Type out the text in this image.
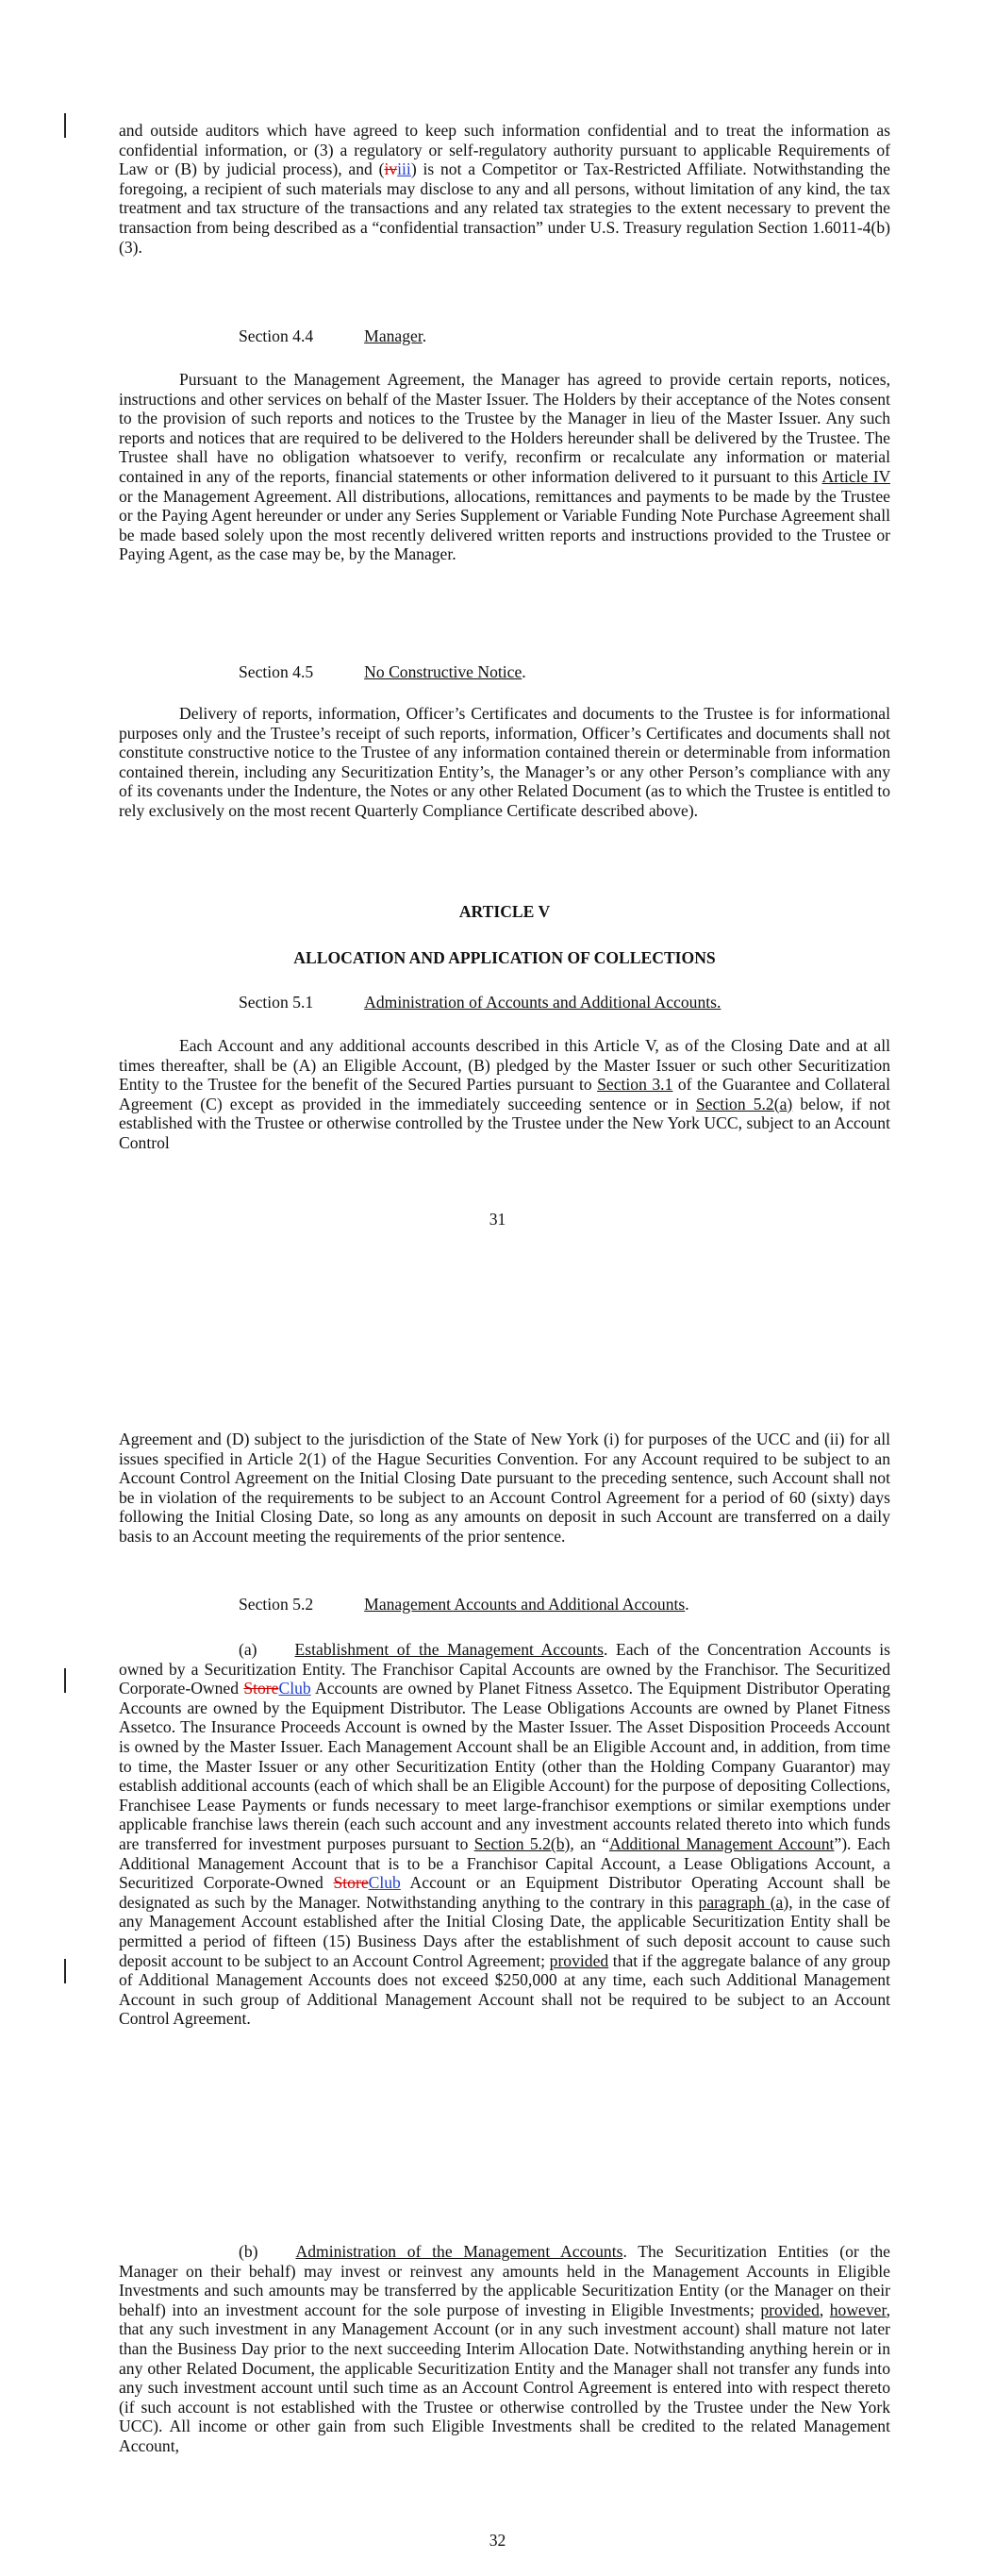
and outside auditors which have agreed to keep such information confidential and to treat the information as confidential information, or (3) a regulatory or self-regulatory authority pursuant to applicable Requirements of Law or (B) by judicial process), and (iviii) is not a Competitor or Tax-Restricted Affiliate. Notwithstanding the foregoing, a recipient of such materials may disclose to any and all persons, without limitation of any kind, the tax treatment and tax structure of the transactions and any related tax strategies to the extent necessary to prevent the transaction from being described as a “confidential transaction” under U.S. Treasury regulation Section 1.6011-4(b)(3).
Section 4.4	Manager.
Pursuant to the Management Agreement, the Manager has agreed to provide certain reports, notices, instructions and other services on behalf of the Master Issuer. The Holders by their acceptance of the Notes consent to the provision of such reports and notices to the Trustee by the Manager in lieu of the Master Issuer. Any such reports and notices that are required to be delivered to the Holders hereunder shall be delivered by the Trustee. The Trustee shall have no obligation whatsoever to verify, reconfirm or recalculate any information or material contained in any of the reports, financial statements or other information delivered to it pursuant to this Article IV or the Management Agreement. All distributions, allocations, remittances and payments to be made by the Trustee or the Paying Agent hereunder or under any Series Supplement or Variable Funding Note Purchase Agreement shall be made based solely upon the most recently delivered written reports and instructions provided to the Trustee or Paying Agent, as the case may be, by the Manager.
Section 4.5	No Constructive Notice.
Delivery of reports, information, Officer’s Certificates and documents to the Trustee is for informational purposes only and the Trustee’s receipt of such reports, information, Officer’s Certificates and documents shall not constitute constructive notice to the Trustee of any information contained therein or determinable from information contained therein, including any Securitization Entity’s, the Manager’s or any other Person’s compliance with any of its covenants under the Indenture, the Notes or any other Related Document (as to which the Trustee is entitled to rely exclusively on the most recent Quarterly Compliance Certificate described above).
ARTICLE V
ALLOCATION AND APPLICATION OF COLLECTIONS
Section 5.1	Administration of Accounts and Additional Accounts.
Each Account and any additional accounts described in this Article V, as of the Closing Date and at all times thereafter, shall be (A) an Eligible Account, (B) pledged by the Master Issuer or such other Securitization Entity to the Trustee for the benefit of the Secured Parties pursuant to Section 3.1 of the Guarantee and Collateral Agreement (C) except as provided in the immediately succeeding sentence or in Section 5.2(a) below, if not established with the Trustee or otherwise controlled by the Trustee under the New York UCC, subject to an Account Control
31
Agreement and (D) subject to the jurisdiction of the State of New York (i) for purposes of the UCC and (ii) for all issues specified in Article 2(1) of the Hague Securities Convention. For any Account required to be subject to an Account Control Agreement on the Initial Closing Date pursuant to the preceding sentence, such Account shall not be in violation of the requirements to be subject to an Account Control Agreement for a period of 60 (sixty) days following the Initial Closing Date, so long as any amounts on deposit in such Account are transferred on a daily basis to an Account meeting the requirements of the prior sentence.
Section 5.2	Management Accounts and Additional Accounts.
(a) Establishment of the Management Accounts. Each of the Concentration Accounts is owned by a Securitization Entity. The Franchisor Capital Accounts are owned by the Franchisor. The Securitized Corporate-Owned StoreClub Accounts are owned by Planet Fitness Assetco. The Equipment Distributor Operating Accounts are owned by the Equipment Distributor. The Lease Obligations Accounts are owned by Planet Fitness Assetco. The Insurance Proceeds Account is owned by the Master Issuer. The Asset Disposition Proceeds Account is owned by the Master Issuer. Each Management Account shall be an Eligible Account and, in addition, from time to time, the Master Issuer or any other Securitization Entity (other than the Holding Company Guarantor) may establish additional accounts (each of which shall be an Eligible Account) for the purpose of depositing Collections, Franchisee Lease Payments or funds necessary to meet large-franchisor exemptions or similar exemptions under applicable franchise laws therein (each such account and any investment accounts related thereto into which funds are transferred for investment purposes pursuant to Section 5.2(b), an “Additional Management Account”). Each Additional Management Account that is to be a Franchisor Capital Account, a Lease Obligations Account, a Securitized Corporate-Owned StoreClub Account or an Equipment Distributor Operating Account shall be designated as such by the Manager. Notwithstanding anything to the contrary in this paragraph (a), in the case of any Management Account established after the Initial Closing Date, the applicable Securitization Entity shall be permitted a period of fifteen (15) Business Days after the establishment of such deposit account to cause such deposit account to be subject to an Account Control Agreement; provided that if the aggregate balance of any group of Additional Management Accounts does not exceed $250,000 at any time, each such Additional Management Account in such group of Additional Management Account shall not be required to be subject to an Account Control Agreement.
(b) Administration of the Management Accounts. The Securitization Entities (or the Manager on their behalf) may invest or reinvest any amounts held in the Management Accounts in Eligible Investments and such amounts may be transferred by the applicable Securitization Entity (or the Manager on their behalf) into an investment account for the sole purpose of investing in Eligible Investments; provided, however, that any such investment in any Management Account (or in any such investment account) shall mature not later than the Business Day prior to the next succeeding Interim Allocation Date. Notwithstanding anything herein or in any other Related Document, the applicable Securitization Entity and the Manager shall not transfer any funds into any such investment account until such time as an Account Control Agreement is entered into with respect thereto (if such account is not established with the Trustee or otherwise controlled by the Trustee under the New York UCC). All income or other gain from such Eligible Investments shall be credited to the related Management Account,
32
